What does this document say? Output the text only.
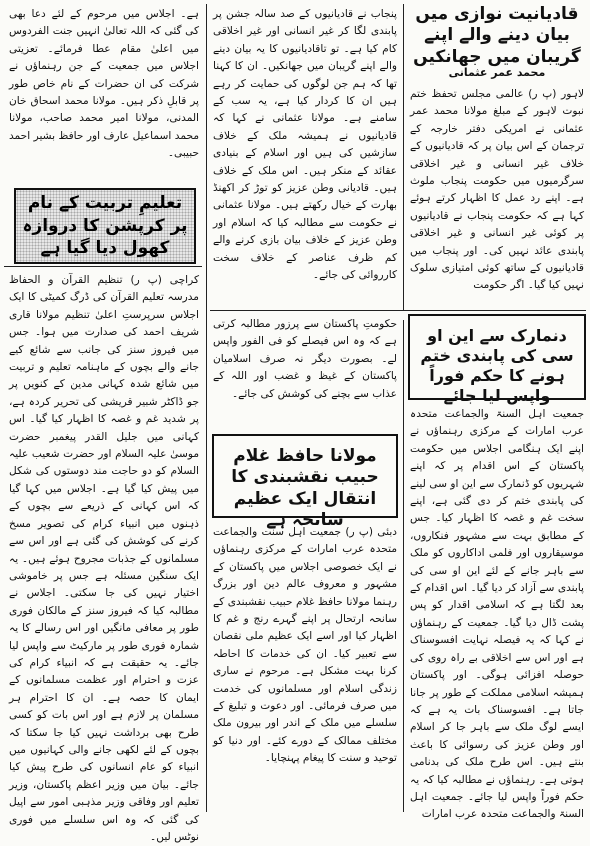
ہے۔ اجلاس میں مرحوم کے لئے دعا بھی کی گئی کہ اللہ تعالیٰ انہیں جنت الفردوس میں اعلیٰ مقام عطا فرمائے۔ تعزیتی اجلاس میں جمعیت کے جن رہنماؤں نے شرکت کی ان حضرات کے نام خاص طور پر قابلِ ذکر ہیں۔ مولانا محمد اسحاق خان المدنی، مولانا امیر محمد صاحب، مولانا محمد اسماعیل عارف اور حافظ بشیر احمد حبیبی۔

تعلیمِ تربیت کے نام پر کرپشن کا دروازہ کھول دیا گیا ہے

کراچی (پ ر) تنظیم القرآن و الحفاظ مدرسہ تعلیم القرآن کی ڈرگ کمیٹی کا ایک اجلاس سرپرستِ اعلیٰ تنظیم مولانا قاری شریف احمد کی صدارت میں ہوا۔ جس میں فیروز سنز کی جانب سے شائع کیے جانے والے بچوں کے ماہنامہ تعلیم و تربیت میں شائع شدہ کہانی مدین کے کنویں پر جو ڈاکٹر شبیر قریشی کی تحریر کردہ ہے، پر شدید غم و غصہ کا اظہار کیا گیا۔ اس کہانی میں جلیل القدر پیغمبر حضرت موسیٰ علیہ السلام اور حضرت شعیب علیہ السلام کو دو حاجت مند دوستوں کی شکل میں پیش کیا گیا ہے۔ اجلاس میں کہا گیا کہ اس کہانی کے ذریعے سے بچوں کے ذہنوں میں انبیاء کرام کی تصویر مسخ کرنے کی کوشش کی گئی ہے اور اس سے مسلمانوں کے جذبات مجروح ہوئے ہیں۔ یہ ایک سنگین مسئلہ ہے جس پر خاموشی اختیار نہیں کی جا سکتی۔ اجلاس نے مطالبہ کیا کہ فیروز سنز کے مالکان فوری طور پر معافی مانگیں اور اس رسالے کا یہ شمارہ فوری طور پر مارکیٹ سے واپس لیا جائے۔ یہ حقیقت ہے کہ انبیاء کرام کی عزت و احترام اور عظمت مسلمانوں کے ایمان کا حصہ ہے۔ ان کا احترام ہر مسلمان پر لازم ہے اور اس بات کو کسی طرح بھی برداشت نہیں کیا جا سکتا کہ بچوں کے لئے لکھی جانے والی کہانیوں میں انبیاء کو عام انسانوں کی طرح پیش کیا جائے۔ بیان میں وزیر اعظم پاکستان، وزیر تعلیم اور وفاقی وزیر مذہبی امور سے اپیل کی گئی کہ وہ اس سلسلے میں فوری نوٹس لیں۔

پنجاب نے قادیانیوں کے صد سالہ جشن پر پابندی لگا کر غیر انسانی اور غیر اخلاقی کام کیا ہے۔ تو تاقادیانیوں کا یہ بیان دینے والے اپنے گریبان میں جھانکیں۔ ان کا کہنا تھا کہ ہم جن لوگوں کی حمایت کر رہے ہیں ان کا کردار کیا ہے، یہ سب کے سامنے ہے۔ مولانا عثمانی نے کہا کہ قادیانیوں نے ہمیشہ ملک کے خلاف سازشیں کی ہیں اور اسلام کے بنیادی عقائد کے منکر ہیں۔ اس ملک کے خلاف ہیں۔ قادیانی وطن عزیز کو توڑ کر اکھنڈ بھارت کے خیال رکھتے ہیں۔ مولانا عثمانی نے حکومت سے مطالبہ کیا کہ اسلام اور وطن عزیز کے خلاف بیان بازی کرنے والے کم ظرف عناصر کے خلاف سخت کارروائی کی جائے۔

قادیانیت نوازی میں بیان دینے والے اپنے گریبان میں جھانکیں
محمد عمر عثمانی

لاہور (پ ر) عالمی مجلس تحفظ ختم نبوت لاہور کے مبلغ مولانا محمد عمر عثمانی نے امریکی دفتر خارجہ کے ترجمان کے اس بیان پر کہ قادیانیوں کے خلاف غیر انسانی و غیر اخلاقی سرگرمیوں میں حکومت پنجاب ملوث ہے۔ اپنے رد عمل کا اظہار کرتے ہوئے کہا ہے کہ حکومت پنجاب نے قادیانیوں پر کوئی غیر انسانی و غیر اخلاقی پابندی عائد نہیں کی۔ اور پنجاب میں قادیانیوں کے ساتھ کوئی امتیازی سلوک نہیں کیا گیا۔ اگر حکومت

حکومتِ پاکستان سے پرزور مطالبہ کرتی ہے کہ وہ اس فیصلے کو فی الفور واپس لے۔ بصورت دیگر نہ صرف اسلامیان پاکستان کے غیظ و غضب اور اللہ کے عذاب سے بچنے کی کوشش کی جائے۔

مولانا حافظ غلام حبیب نقشبندی کا انتقال ایک عظیم سانحہ ہے

دبئی (پ ر) جمعیت اہل سنت والجماعت متحدہ عرب امارات کے مرکزی رہنماؤں نے ایک خصوصی اجلاس میں پاکستان کے مشہور و معروف عالم دین اور بزرگ رہنما مولانا حافظ غلام حبیب نقشبندی کے سانحہ ارتحال پر اپنے گہرے رنج و غم کا اظہار کیا اور اسے ایک عظیم ملی نقصان سے تعبیر کیا۔ ان کی خدمات کا احاطہ کرنا بہت مشکل ہے۔ مرحوم نے ساری زندگی اسلام اور مسلمانوں کی خدمت میں صرف فرمائی۔ اور دعوت و تبلیغ کے سلسلے میں ملک کے اندر اور بیرون ملک مختلف ممالک کے دورے کئے۔ اور دنیا کو توحید و سنت کا پیغام پہنچایا۔

دنمارک سے این او سی کی پابندی ختم ہونے کا حکم فوراً واپس لیا جائے

جمعیت اہل السنۃ والجماعت متحدہ عرب امارات کے مرکزی رہنماؤں نے اپنے ایک ہنگامی اجلاس میں حکومت پاکستان کے اس اقدام پر کہ اپنے شہریوں کو ڈنمارک سے این او سی لینے کی پابندی ختم کر دی گئی ہے، اپنے سخت غم و غصہ کا اظہار کیا۔ جس کے مطابق بہت سے مشہور فنکاروں، موسیقاروں اور فلمی اداکاروں کو ملک سے باہر جانے کے لئے این او سی کی پابندی سے آزاد کر دیا گیا۔ اس اقدام کے بعد لگتا ہے کہ اسلامی اقدار کو پس پشت ڈال دیا گیا۔ جمعیت کے رہنماؤں نے کہا کہ یہ فیصلہ نہایت افسوسناک ہے اور اس سے اخلاقی بے راہ روی کی حوصلہ افزائی ہوگی۔ اور پاکستان ہمیشہ اسلامی مملکت کے طور پر جانا جاتا ہے۔ افسوسناک بات یہ ہے کہ ایسے لوگ ملک سے باہر جا کر اسلام اور وطن عزیز کی رسوائی کا باعث بنتے ہیں۔ اس طرح ملک کی بدنامی ہوتی ہے۔ رہنماؤں نے مطالبہ کیا کہ یہ حکم فوراً واپس لیا جائے۔ جمعیت اہل السنۃ والجماعت متحدہ عرب امارات
